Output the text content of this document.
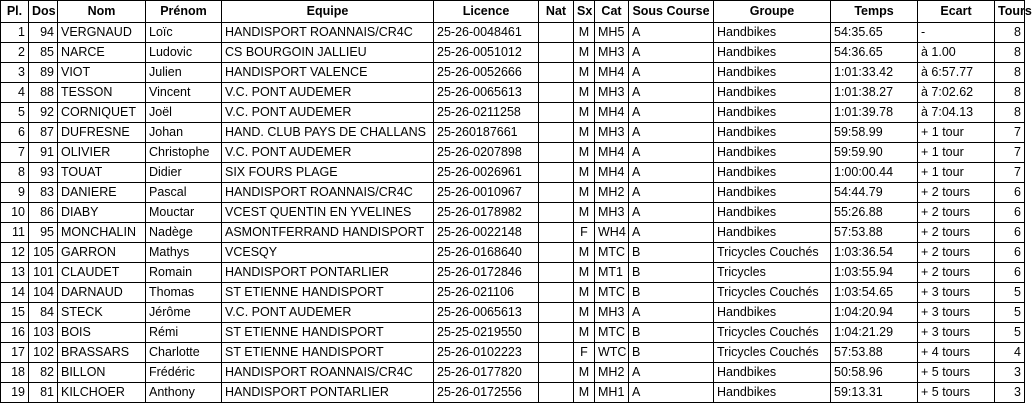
Pl.	Dos	Nom	Prénom	Equipe	Licence	Nat	Sx	Cat	Sous Course	Groupe	Temps	Ecart	Tours
1	94	VERGNAUD	Loïc	HANDISPORT ROANNAIS/CR4C	25-26-0048461		M	MH5	A	Handbikes	54:35.65	-	8
2	85	NARCE	Ludovic	CS BOURGOIN JALLIEU	25-26-0051012		M	MH3	A	Handbikes	54:36.65	à 1.00	8
3	89	VIOT	Julien	HANDISPORT VALENCE	25-26-0052666		M	MH4	A	Handbikes	1:01:33.42	à 6:57.77	8
4	88	TESSON	Vincent	V.C. PONT AUDEMER	25-26-0065613		M	MH3	A	Handbikes	1:01:38.27	à 7:02.62	8
5	92	CORNIQUET	Joël	V.C. PONT AUDEMER	25-26-0211258		M	MH4	A	Handbikes	1:01:39.78	à 7:04.13	8
6	87	DUFRESNE	Johan	HAND. CLUB PAYS DE CHALLANS	25-260187661		M	MH3	A	Handbikes	59:58.99	+ 1 tour	7
7	91	OLIVIER	Christophe	V.C. PONT AUDEMER	25-26-0207898		M	MH4	A	Handbikes	59:59.90	+ 1 tour	7
8	93	TOUAT	Didier	SIX FOURS PLAGE	25-26-0026961		M	MH4	A	Handbikes	1:00:00.44	+ 1 tour	7
9	83	DANIERE	Pascal	HANDISPORT ROANNAIS/CR4C	25-26-0010967		M	MH2	A	Handbikes	54:44.79	+ 2 tours	6
10	86	DIABY	Mouctar	VCEST QUENTIN EN YVELINES	25-26-0178982		M	MH3	A	Handbikes	55:26.88	+ 2 tours	6
11	95	MONCHALIN	Nadège	ASMONTFERRAND HANDISPORT	25-26-0022148		F	WH4	A	Handbikes	57:53.88	+ 2 tours	6
12	105	GARRON	Mathys	VCESQY	25-26-0168640		M	MTC	B	Tricycles Couchés	1:03:36.54	+ 2 tours	6
13	101	CLAUDET	Romain	HANDISPORT PONTARLIER	25-26-0172846		M	MT1	B	Tricycles	1:03:55.94	+ 2 tours	6
14	104	DARNAUD	Thomas	ST ETIENNE HANDISPORT	25-26-021106		M	MTC	B	Tricycles Couchés	1:03:54.65	+ 3 tours	5
15	84	STECK	Jérôme	V.C. PONT AUDEMER	25-26-0065613		M	MH3	A	Handbikes	1:04:20.94	+ 3 tours	5
16	103	BOIS	Rémi	ST ETIENNE HANDISPORT	25-25-0219550		M	MTC	B	Tricycles Couchés	1:04:21.29	+ 3 tours	5
17	102	BRASSARS	Charlotte	ST ETIENNE HANDISPORT	25-26-0102223		F	WTC	B	Tricycles Couchés	57:53.88	+ 4 tours	4
18	82	BILLON	Frédéric	HANDISPORT ROANNAIS/CR4C	25-26-0177820		M	MH2	A	Handbikes	50:58.96	+ 5 tours	3
19	81	KILCHOER	Anthony	HANDISPORT PONTARLIER	25-26-0172556		M	MH1	A	Handbikes	59:13.31	+ 5 tours	3
